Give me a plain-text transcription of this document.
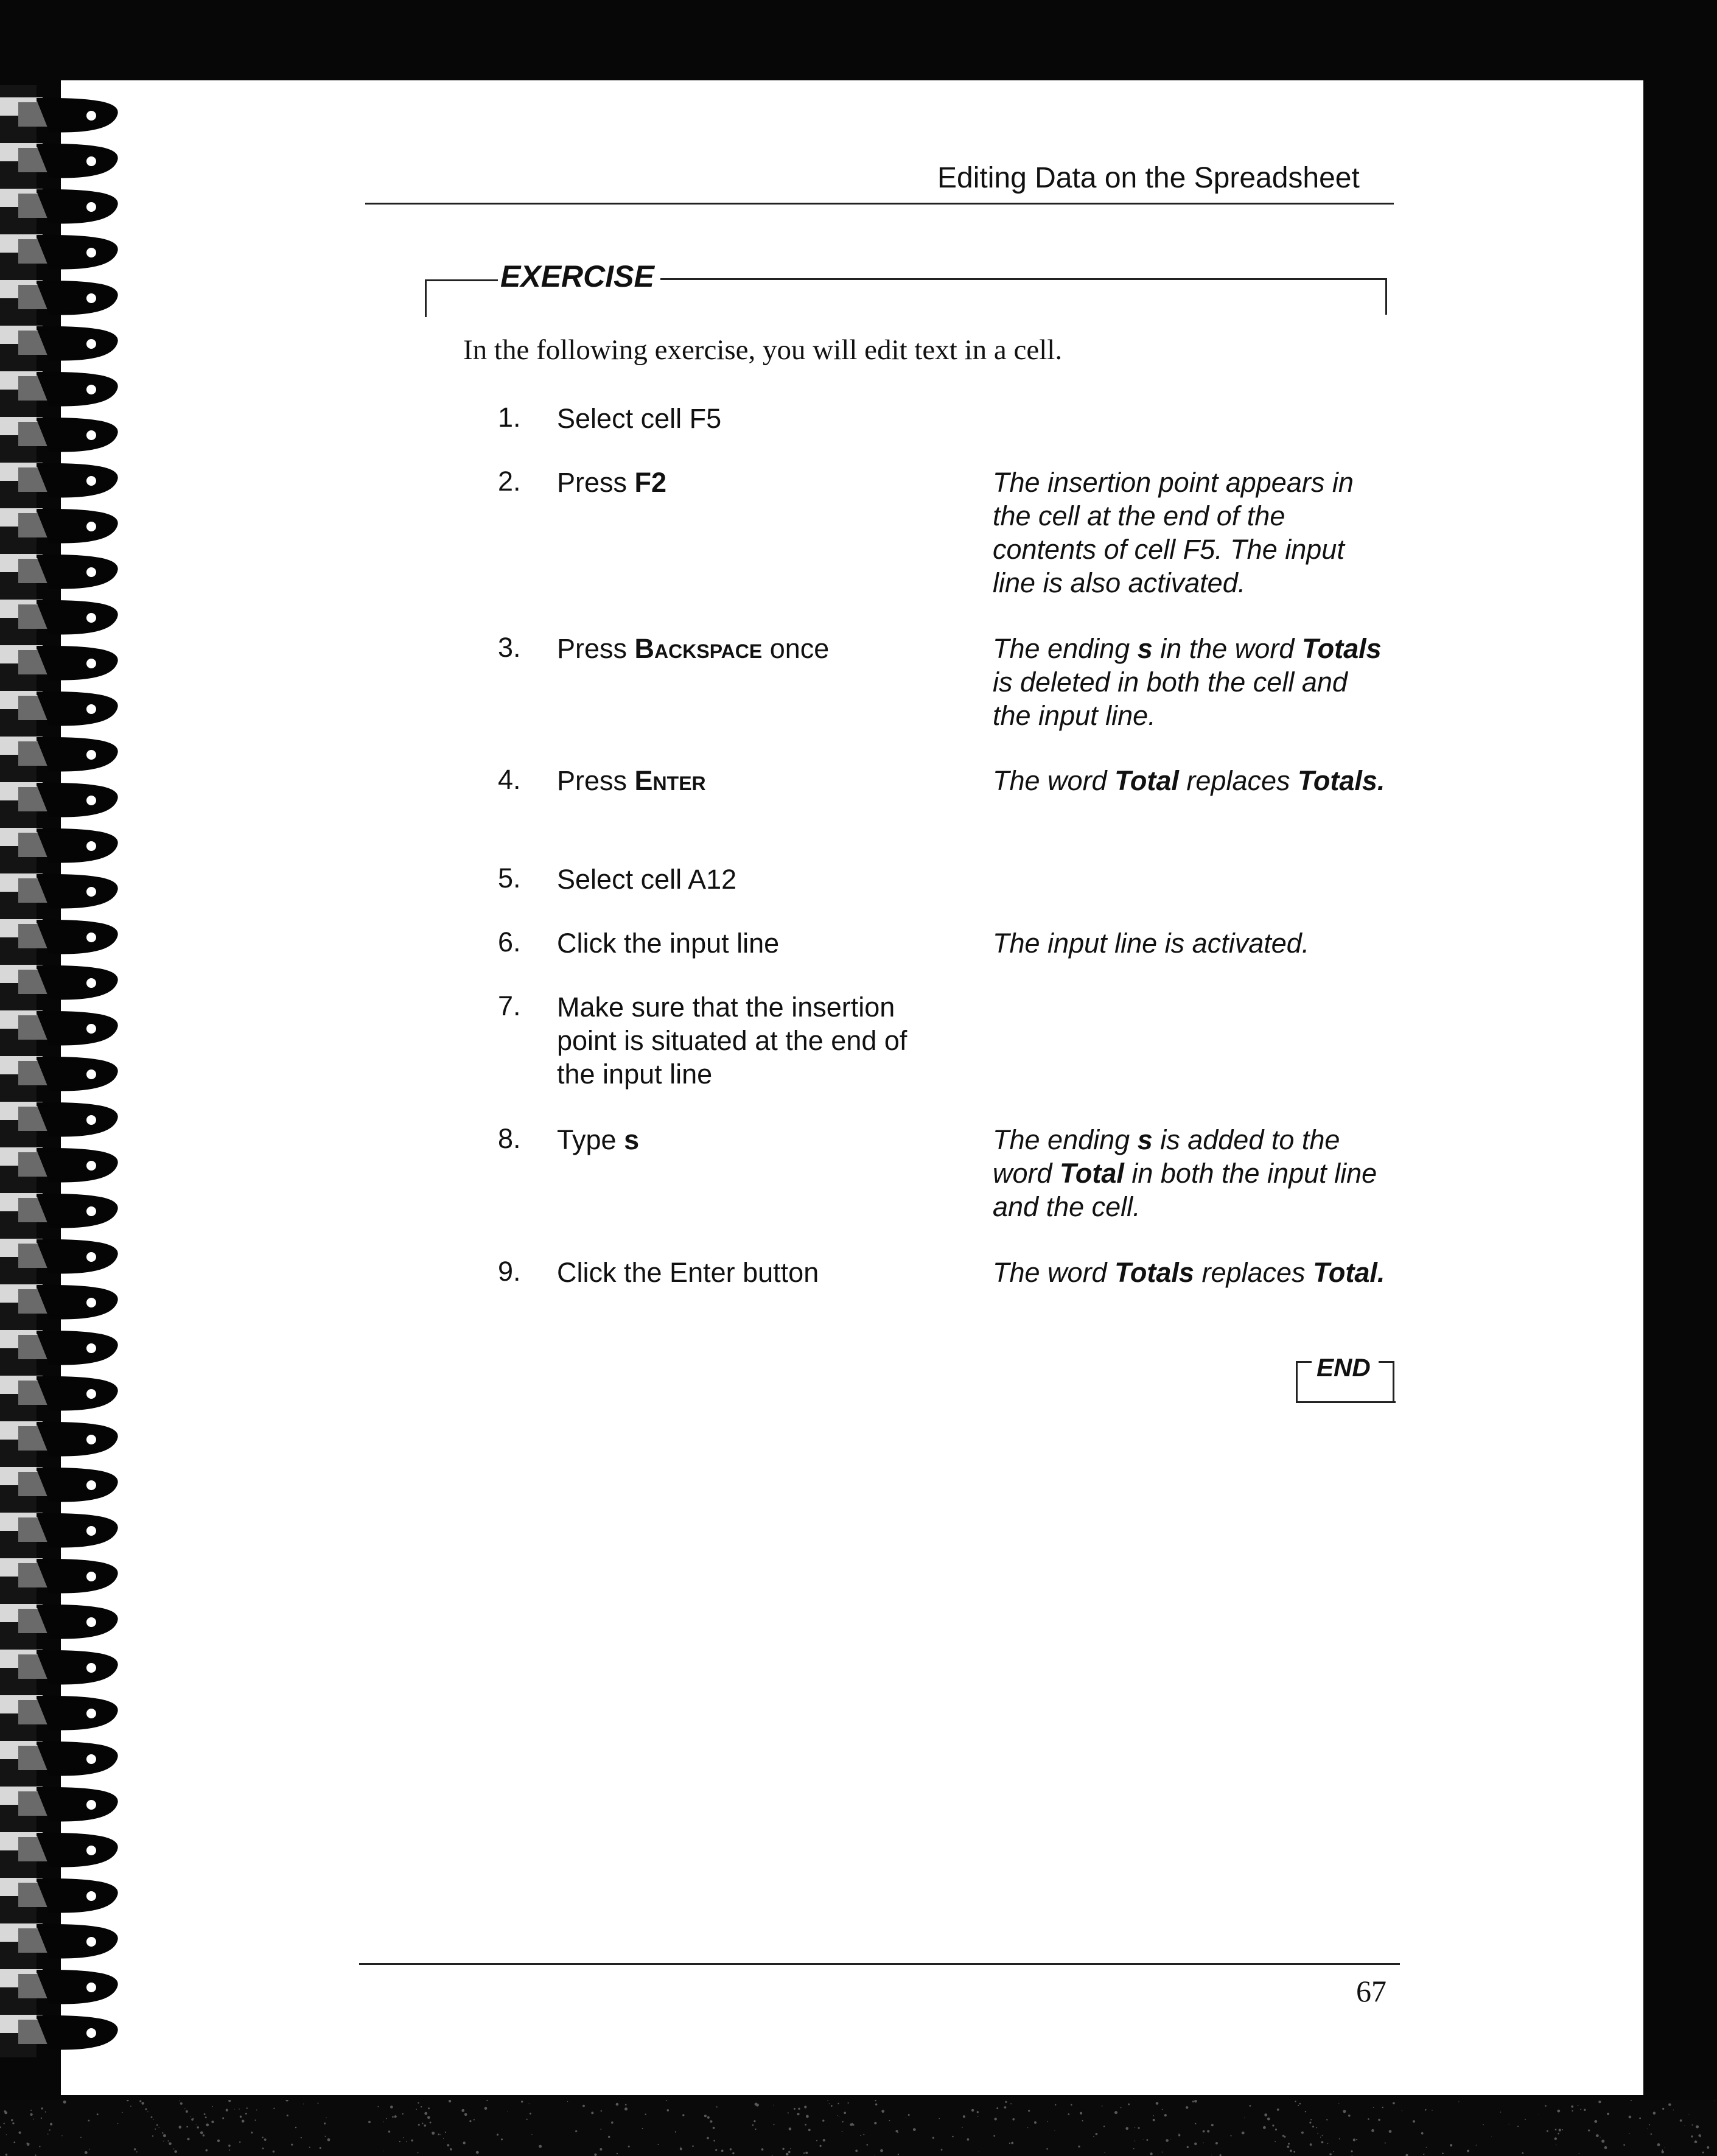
Editing Data on the Spreadsheet
EXERCISE
In the following exercise, you will edit text in a cell.
1. Select cell F5
2. Press F2	The insertion point appears in the cell at the end of the contents of cell F5. The input line is also activated.
3. Press Backspace once	The ending s in the word Totals is deleted in both the cell and the input line.
4. Press Enter	The word Total replaces Totals.
5. Select cell A12
6. Click the input line	The input line is activated.
7. Make sure that the insertion point is situated at the end of the input line
8. Type s	The ending s is added to the word Total in both the input line and the cell.
9. Click the Enter button	The word Totals replaces Total.
END
67
